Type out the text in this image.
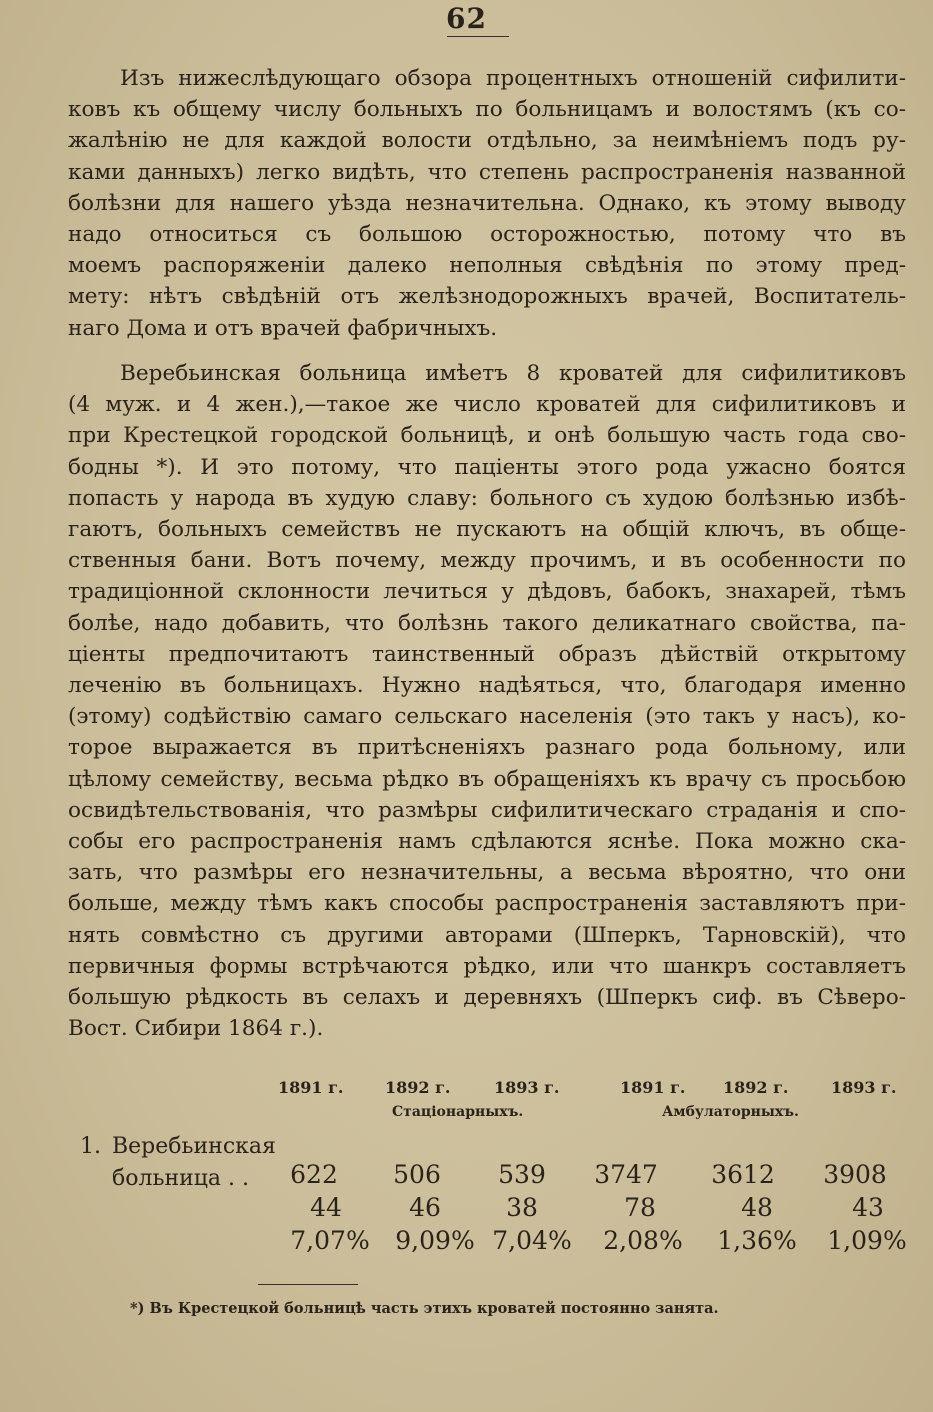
62
Изъ нижеслѣдующаго обзора процентныхъ отношенiй сифилити-
ковъ къ общему числу больныхъ по больницамъ и волостямъ (къ со-
жалѣнiю не для каждой волости отдѣльно, за неимѣнiемъ подъ ру-
ками данныхъ) легко видѣть, что степень распространенiя названной
болѣзни для нашего уѣзда незначительна. Однако, къ этому выводу
надо относиться съ большою осторожностью, потому что въ
моемъ распоряженiи далеко неполныя свѣдѣнiя по этому пред-
мету: нѣтъ свѣдѣнiй отъ желѣзнодорожныхъ врачей, Воспитатель-
наго Дома и отъ врачей фабричныхъ.
Веребьинская больница имѣетъ 8 кроватей для сифилитиковъ
(4 муж. и 4 жен.),—такое же число кроватей для сифилитиковъ и
при Крестецкой городской больницѣ, и онѣ большую часть года сво-
бодны *). И это потому, что пацiенты этого рода ужасно боятся
попасть у народа въ худую славу: больного съ худою болѣзнью избѣ-
гаютъ, больныхъ семействъ не пускаютъ на общiй ключъ, въ обще-
ственныя бани. Вотъ почему, между прочимъ, и въ особенности по
традицiонной склонности лечиться у дѣдовъ, бабокъ, знахарей, тѣмъ
болѣе, надо добавить, что болѣзнь такого деликатнаго свойства, па-
цiенты предпочитаютъ таинственный образъ дѣйствiй открытому
леченiю въ больницахъ. Нужно надѣяться, что, благодаря именно
(этому) содѣйствiю самаго сельскаго населенiя (это такъ у насъ), ко-
торое выражается въ притѣсненiяхъ разнаго рода больному, или
цѣлому семейству, весьма рѣдко въ обращенiяхъ къ врачу съ просьбою
освидѣтельствованiя, что размѣры сифилитическаго страданiя и спо-
собы его распространенiя намъ сдѣлаются яснѣе. Пока можно ска-
зать, что размѣры его незначительны, а весьма вѣроятно, что они
больше, между тѣмъ какъ способы распространенiя заставляютъ при-
нять совмѣстно съ другими авторами (Шперкъ, Тарновскiй), что
первичныя формы встрѣчаются рѣдко, или что шанкръ составляетъ
большую рѣдкость въ селахъ и деревняхъ (Шперкъ сиф. въ Сѣверо-
Вост. Сибири 1864 г.).
1891 г.	1892 г.	1893 г.	1891 г. 1892 г.	1893 г.
Стацiонарныхъ.	Амбулаторныхъ.
1. Веребьинская
больница . .	622	506	539	3747	3612	3908
44	46	38	78	48	43
7,07%	9,09% 7,04%	2,08%	1,36%	1,09%
*) Въ Крестецкой больницѣ часть этихъ кроватей постоянно занята.
